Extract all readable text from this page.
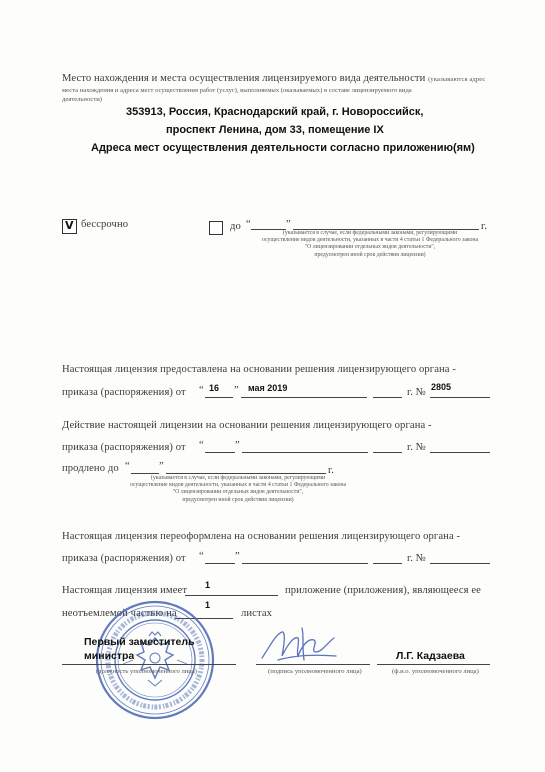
Место нахождения и места осуществления лицензируемого вида деятельности (указываются адрес
места нахождения и адреса мест осуществления работ (услуг), выполняемых (оказываемых) в составе лицензируемого вида
деятельности)
353913, Россия, Краснодарский край, г. Новороссийск,
проспект Ленина, дом 33, помещение IX
Адреса мест осуществления деятельности согласно приложению(ям)
V бессрочно	до “	”	г.
(указывается в случае, если федеральными законами, регулирующими
осуществление видов деятельности, указанных в части 4 статьи 1 Федерального закона
"О лицензировании отдельных видов деятельности",
предусмотрен иной срок действия лицензии)
Настоящая лицензия предоставлена на основании решения лицензирующего органа -
приказа (распоряжения) от “ 16 ” мая 2019	г. № 2805
Действие настоящей лицензии на основании решения лицензирующего органа -
приказа (распоряжения) от “	”	г. №
продлено до “	”	г.
(указывается в случае, если федеральными законами, регулирующими
осуществление видов деятельности, указанных в части 4 статьи 1 Федерального закона
"О лицензировании отдельных видов деятельности",
предусмотрен иной срок действия лицензии)
Настоящая лицензия переоформлена на основании решения лицензирующего органа -
приказа (распоряжения) от “	”	г. №
Настоящая лицензия имеет 1	приложение (приложения), являющееся ее
неотъемлемой частью на
1
листах
Первый заместитель
министра
(должность уполномоченного лица)	(подпись уполномоченного лица)
Л.Г. Кадзаева
(ф.и.о. уполномоченного лица)
